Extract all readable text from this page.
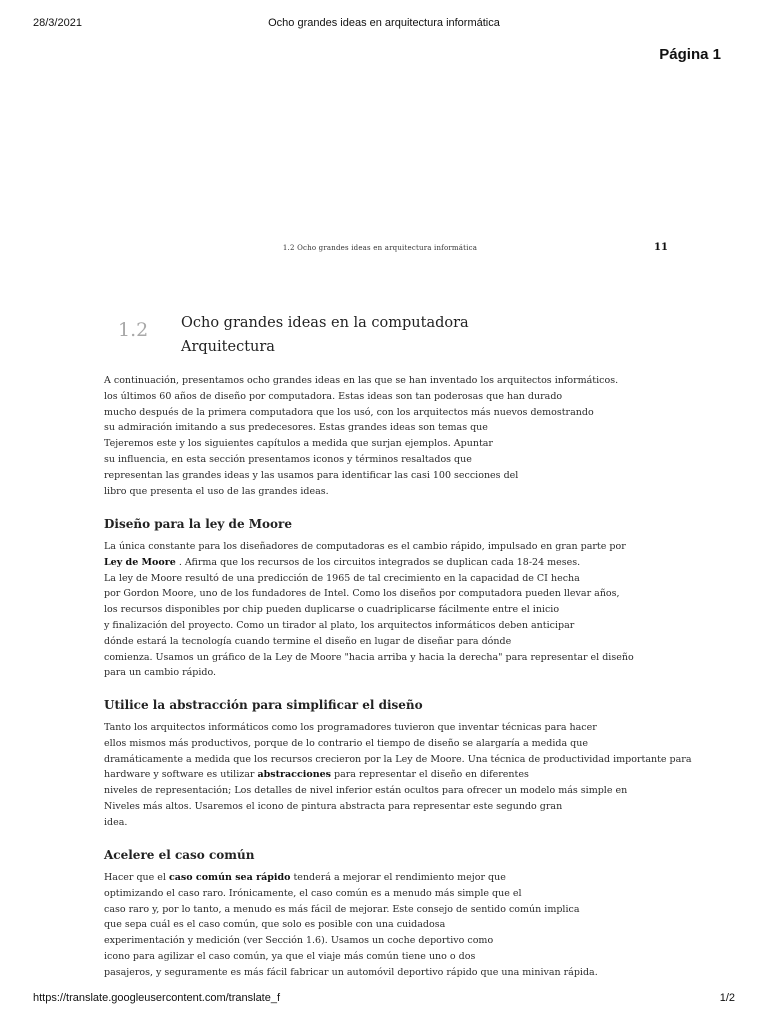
28/3/2021	Ocho grandes ideas en arquitectura informática
Página 1
1.2 Ocho grandes ideas en arquitectura informática	11
1.2 Ocho grandes ideas en la computadora
Arquitectura
A continuación, presentamos ocho grandes ideas en las que se han inventado los arquitectos informáticos.
los últimos 60 años de diseño por computadora. Estas ideas son tan poderosas que han durado
mucho después de la primera computadora que los usó, con los arquitectos más nuevos demostrando
su admiración imitando a sus predecesores. Estas grandes ideas son temas que
Tejeremos este y los siguientes capítulos a medida que surjan ejemplos. Apuntar
su influencia, en esta sección presentamos iconos y términos resaltados que
representan las grandes ideas y las usamos para identificar las casi 100 secciones del
libro que presenta el uso de las grandes ideas.
Diseño para la ley de Moore
La única constante para los diseñadores de computadoras es el cambio rápido, impulsado en gran parte por
Ley de Moore . Afirma que los recursos de los circuitos integrados se duplican cada 18-24 meses.
La ley de Moore resultó de una predicción de 1965 de tal crecimiento en la capacidad de CI hecha
por Gordon Moore, uno de los fundadores de Intel. Como los diseños por computadora pueden llevar años,
los recursos disponibles por chip pueden duplicarse o cuadriplicarse fácilmente entre el inicio
y finalización del proyecto. Como un tirador al plato, los arquitectos informáticos deben anticipar
dónde estará la tecnología cuando termine el diseño en lugar de diseñar para dónde
comienza. Usamos un gráfico de la Ley de Moore "hacia arriba y hacia la derecha" para representar el diseño
para un cambio rápido.
Utilice la abstracción para simplificar el diseño
Tanto los arquitectos informáticos como los programadores tuvieron que inventar técnicas para hacer
ellos mismos más productivos, porque de lo contrario el tiempo de diseño se alargaría a medida que
dramáticamente a medida que los recursos crecieron por la Ley de Moore. Una técnica de productividad importante para
hardware y software es utilizar abstracciones para representar el diseño en diferentes
niveles de representación; Los detalles de nivel inferior están ocultos para ofrecer un modelo más simple en
Niveles más altos. Usaremos el icono de pintura abstracta para representar este segundo gran
idea.
Acelere el caso común
Hacer que el caso común sea rápido tenderá a mejorar el rendimiento mejor que
optimizando el caso raro. Irónicamente, el caso común es a menudo más simple que el
caso raro y, por lo tanto, a menudo es más fácil de mejorar. Este consejo de sentido común implica
que sepa cuál es el caso común, que solo es posible con una cuidadosa
experimentación y medición (ver Sección 1.6). Usamos un coche deportivo como
icono para agilizar el caso común, ya que el viaje más común tiene uno o dos
pasajeros, y seguramente es más fácil fabricar un automóvil deportivo rápido que una minivan rápida.
https://translate.googleusercontent.com/translate_f	1/2
